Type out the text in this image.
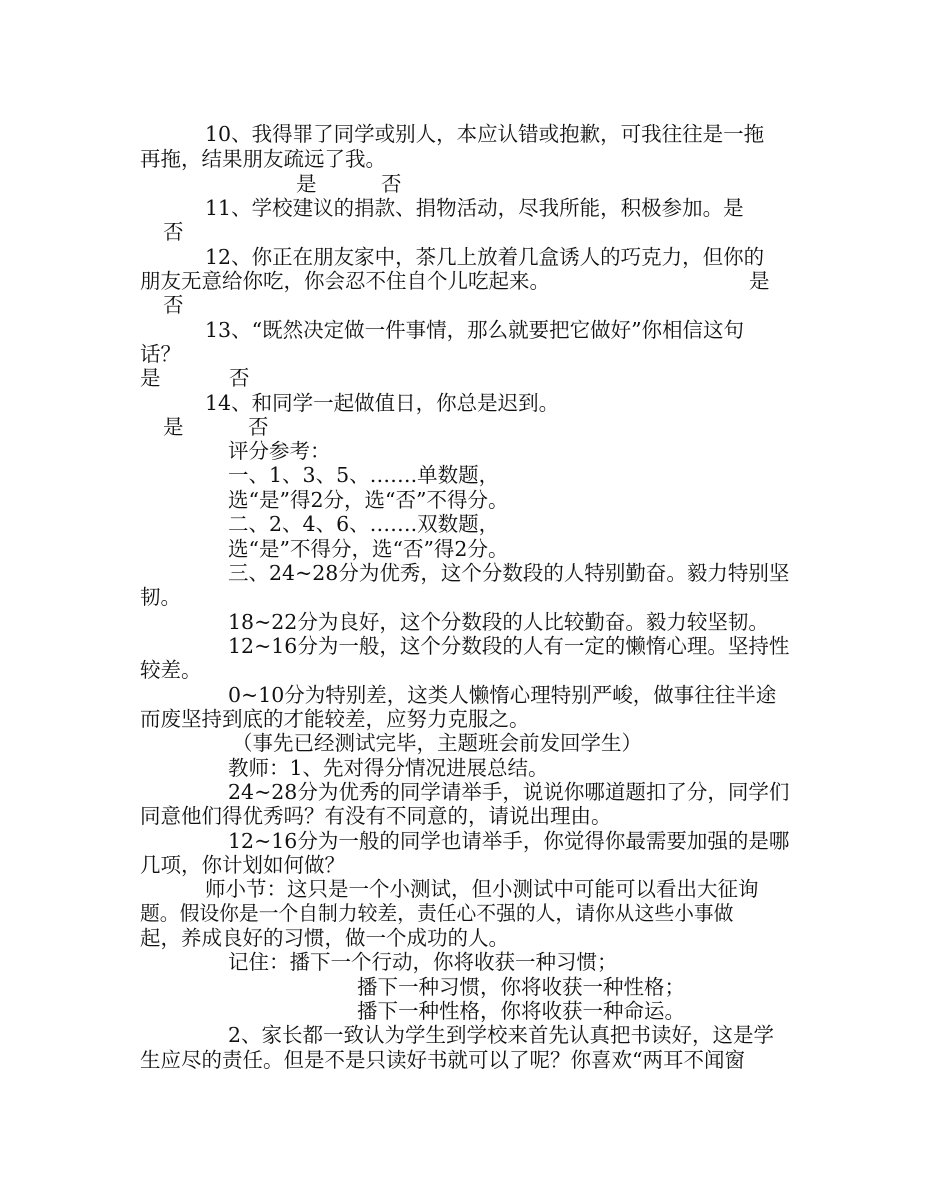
10、我得罪了同学或别人，本应认错或抱歉，可我往往是一拖
再拖，结果朋友疏远了我。
是	否
11、学校建议的捐款、捐物活动，尽我所能，积极参加。是
否
12、你正在朋友家中，茶几上放着几盒诱人的巧克力，但你的
朋友无意给你吃，你会忍不住自个儿吃起来。	是
否
13、“既然决定做一件事情，那么就要把它做好”你相信这句
话？
是	否
14、和同学一起做值日，你总是迟到。
是	否
评分参考：
一、1、3、5、…….单数题，
选“是”得2分，选“否”不得分。
二、2、4、6、…….双数题，
选“是”不得分，选“否”得2分。
三、24~28分为优秀，这个分数段的人特别勤奋。毅力特别坚
韧。
18~22分为良好，这个分数段的人比较勤奋。毅力较坚韧。
12~16分为一般，这个分数段的人有一定的懒惰心理。坚持性
较差。
0~10分为特别差，这类人懒惰心理特别严峻，做事往往半途
而废坚持到底的才能较差，应努力克服之。
（事先已经测试完毕，主题班会前发回学生）
教师：1、先对得分情况进展总结。
24~28分为优秀的同学请举手，说说你哪道题扣了分，同学们
同意他们得优秀吗？有没有不同意的，请说出理由。
12~16分为一般的同学也请举手，你觉得你最需要加强的是哪
几项，你计划如何做？
师小节：这只是一个小测试，但小测试中可能可以看出大征询
题。假设你是一个自制力较差，责任心不强的人，请你从这些小事做
起，养成良好的习惯，做一个成功的人。
记住：播下一个行动，你将收获一种习惯；
播下一种习惯，你将收获一种性格；
播下一种性格，你将收获一种命运。
2、家长都一致认为学生到学校来首先认真把书读好，这是学
生应尽的责任。但是不是只读好书就可以了呢？你喜欢“两耳不闻窗
